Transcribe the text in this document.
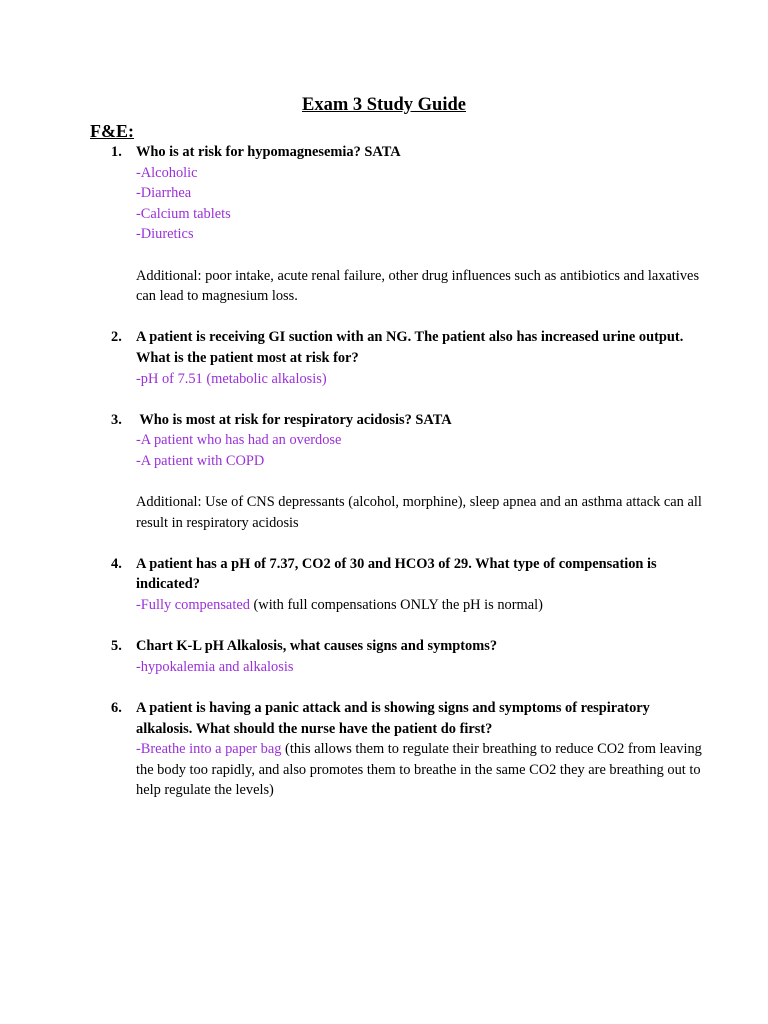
Exam 3 Study Guide
F&E:
1. Who is at risk for hypomagnesemia? SATA
-Alcoholic
-Diarrhea
-Calcium tablets
-Diuretics
Additional: poor intake, acute renal failure, other drug influences such as antibiotics and laxatives can lead to magnesium loss.
2. A patient is receiving GI suction with an NG. The patient also has increased urine output. What is the patient most at risk for?
-pH of 7.51 (metabolic alkalosis)
3. Who is most at risk for respiratory acidosis? SATA
-A patient who has had an overdose
-A patient with COPD
Additional: Use of CNS depressants (alcohol, morphine), sleep apnea and an asthma attack can all result in respiratory acidosis
4. A patient has a pH of 7.37, CO2 of 30 and HCO3 of 29. What type of compensation is indicated?
-Fully compensated (with full compensations ONLY the pH is normal)
5. Chart K-L pH Alkalosis, what causes signs and symptoms?
-hypokalemia and alkalosis
6. A patient is having a panic attack and is showing signs and symptoms of respiratory alkalosis. What should the nurse have the patient do first?
-Breathe into a paper bag (this allows them to regulate their breathing to reduce CO2 from leaving the body too rapidly, and also promotes them to breathe in the same CO2 they are breathing out to help regulate the levels)
